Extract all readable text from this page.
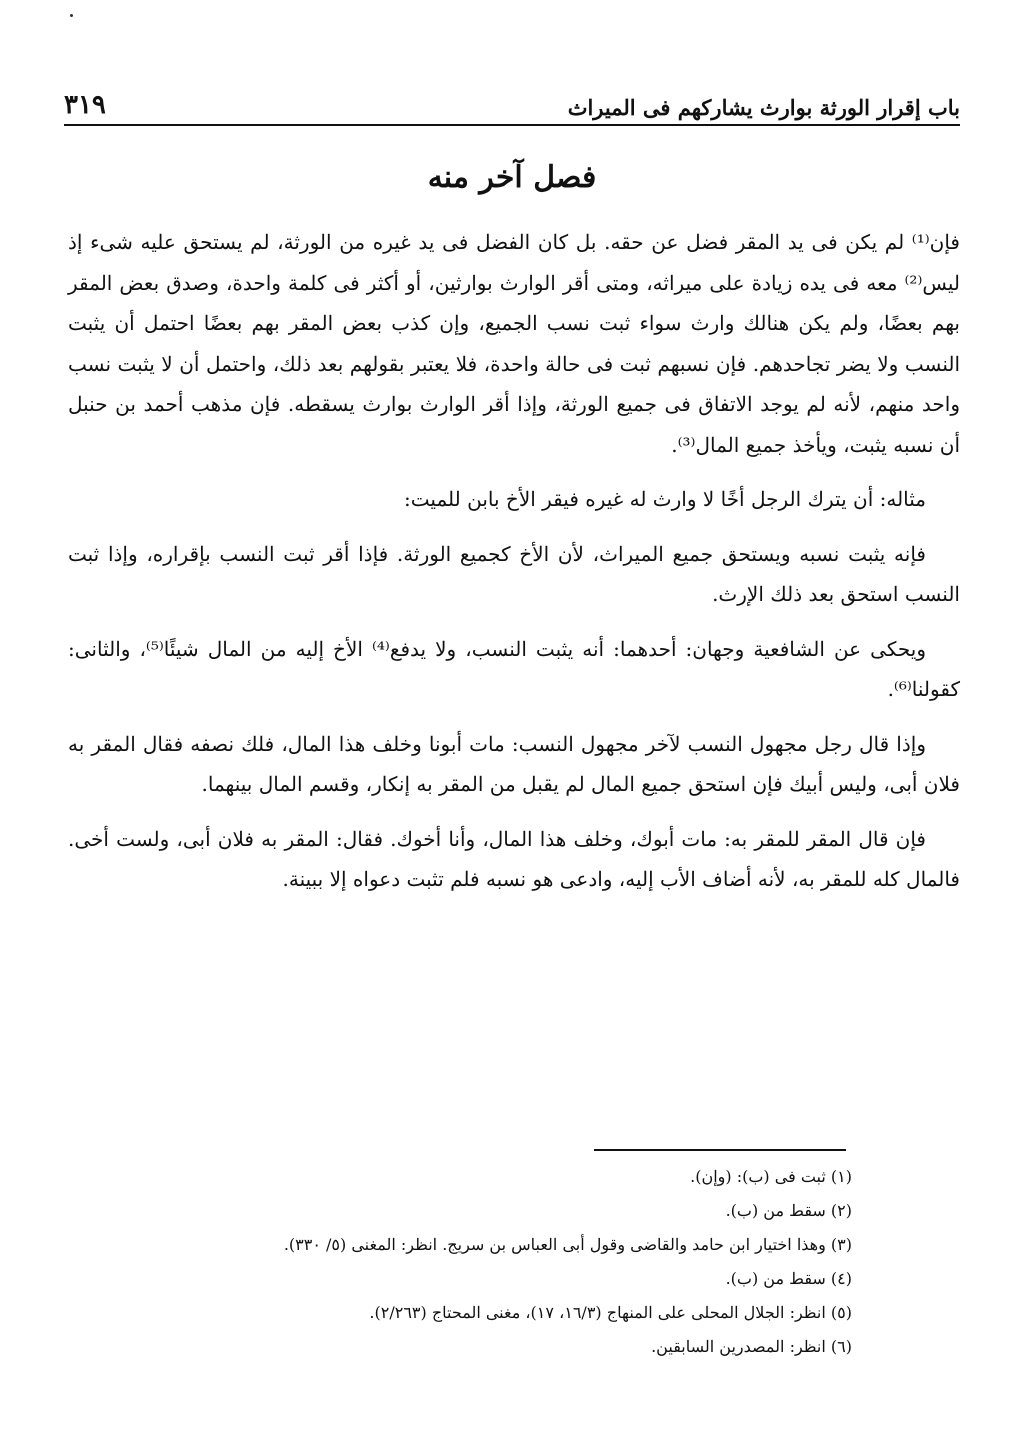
باب إقرار الورثة بوارث يشاركهم فى الميراث
٣١٩
فصل آخر منه

فإن⁽¹⁾ لم يكن فى يد المقر فضل عن حقه. بل كان الفضل فى يد غيره من الورثة، لم يستحق عليه شىء إذ ليس⁽²⁾ معه فى يده زيادة على ميراثه، ومتى أقر الوارث بوارثين، أو أكثر فى كلمة واحدة، وصدق بعض المقر بهم بعضًا، ولم يكن هنالك وارث سواء ثبت نسب الجميع، وإن كذب بعض المقر بهم بعضًا احتمل أن يثبت النسب ولا يضر تجاحدهم. فإن نسبهم ثبت فى حالة واحدة، فلا يعتبر بقولهم بعد ذلك، واحتمل أن لا يثبت نسب واحد منهم، لأنه لم يوجد الاتفاق فى جميع الورثة، وإذا أقر الوارث بوارث يسقطه. فإن مذهب أحمد بن حنبل أن نسبه يثبت، ويأخذ جميع المال⁽³⁾.

مثاله: أن يترك الرجل أخًا لا وارث له غيره فيقر الأخ بابن للميت:

فإنه يثبت نسبه ويستحق جميع الميراث، لأن الأخ كجميع الورثة. فإذا أقر ثبت النسب بإقراره، وإذا ثبت النسب استحق بعد ذلك الإرث.

ويحكى عن الشافعية وجهان: أحدهما: أنه يثبت النسب، ولا يدفع⁽⁴⁾ الأخ إليه من المال شيئًا⁽⁵⁾، والثانى: كقولنا⁽⁶⁾.

وإذا قال رجل مجهول النسب لآخر مجهول النسب: مات أبونا وخلف هذا المال، فلك نصفه فقال المقر به فلان أبى، وليس أبيك فإن استحق جميع المال لم يقبل من المقر به إنكار، وقسم المال بينهما.

فإن قال المقر للمقر به: مات أبوك، وخلف هذا المال، وأنا أخوك. فقال: المقر به فلان أبى، ولست أخى. فالمال كله للمقر به، لأنه أضاف الأب إليه، وادعى هو نسبه فلم تثبت دعواه إلا ببينة.

(١) ثبت فى (ب): (وإن).
(٢) سقط من (ب).
(٣) وهذا اختيار ابن حامد والقاضى وقول أبى العباس بن سريج. انظر: المغنى (٥/ ٣٣٠).
(٤) سقط من (ب).
(٥) انظر: الجلال المحلى على المنهاج (١٦/٣، ١٧)، مغنى المحتاج (٢/٢٦٣).
(٦) انظر: المصدرين السابقين.
